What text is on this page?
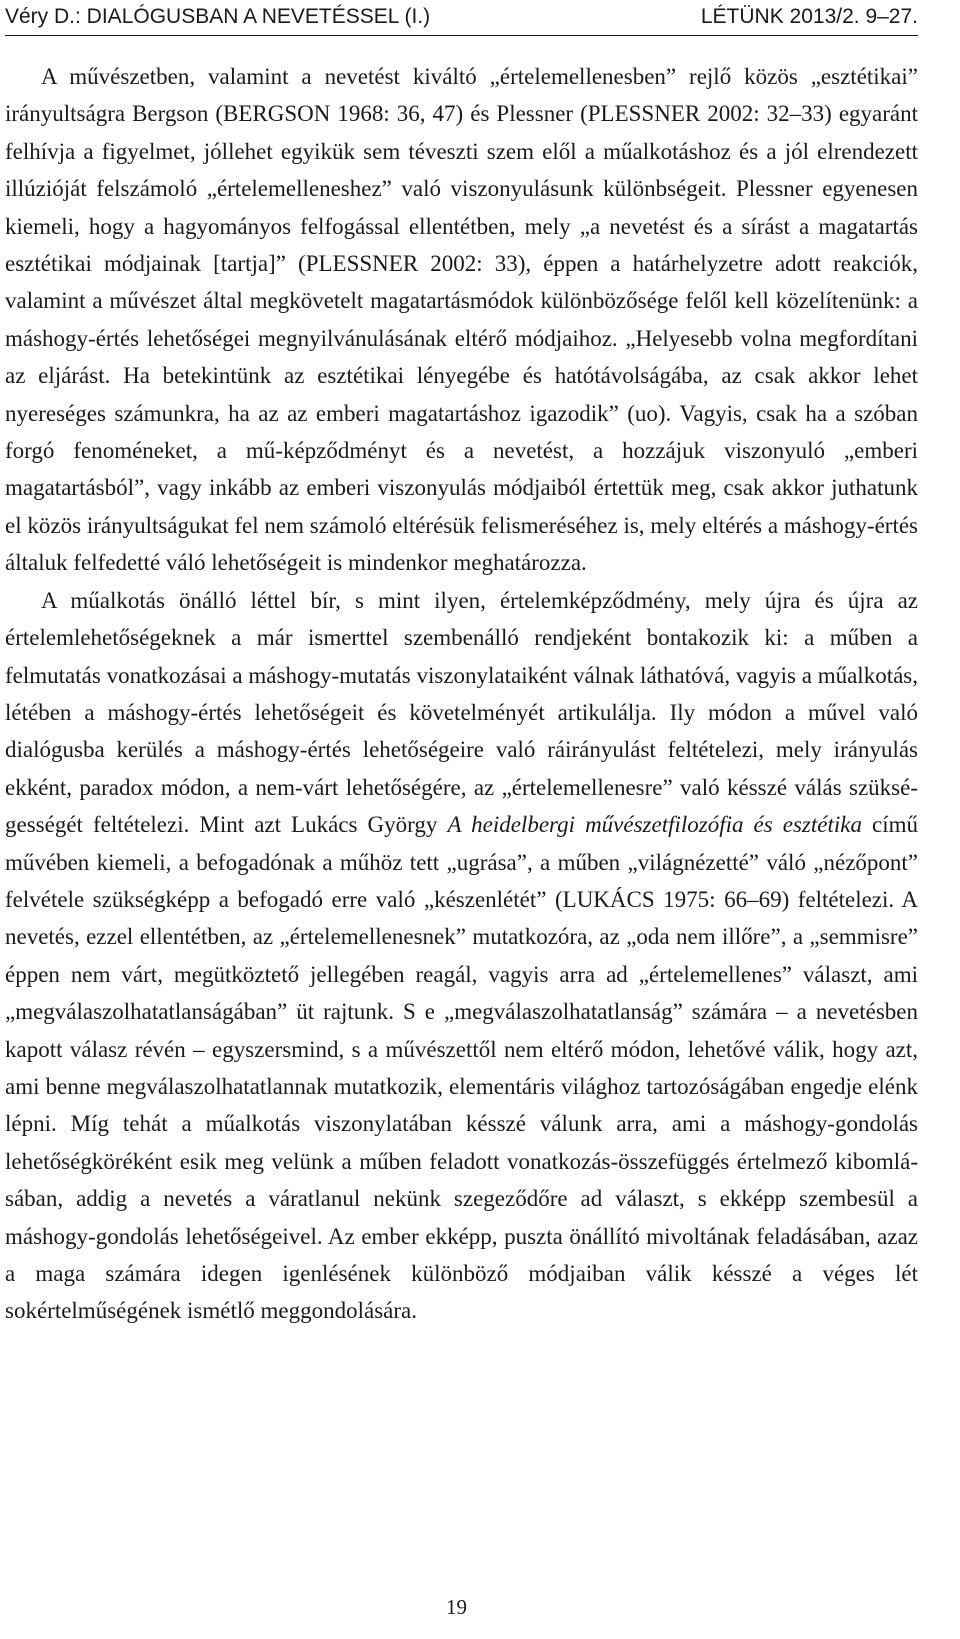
Véry D.: DIALÓGUSBAN A NEVETÉSSEL (I.)	LÉTÜNK 2013/2. 9–27.

A művészetben, valamint a nevetést kiváltó „értelemellenesben” rejlő közös „esztétikai” irányultságra Bergson (BERGSON 1968: 36, 47) és Plessner (PLESSNER 2002: 32–33) egyaránt felhívja a figyelmet, jóllehet egyikük sem téveszti szem elől a műalkotáshoz és a jól elrendezett illúzióját felszámoló „értelemelleneshez” való viszonyulásunk különbségeit. Plessner egyenesen kiemeli, hogy a hagyományos felfogással ellentétben, mely „a nevetést és a sírást a magatartás esztétikai módjainak [tartja]” (PLESSNER 2002: 33), éppen a határhelyzetre adott reakciók, valamint a művészet által megkövetelt magatartásmódok különbözősége felől kell közelítenünk: a máshogy-értés lehetőségei megnyilvánulásának eltérő módjaihoz. „Helyesebb volna megfordítani az eljárást. Ha betekintünk az esztétikai lényegébe és hatótávolságába, az csak akkor lehet nyereséges számunkra, ha az az emberi magatartáshoz igazodik” (uo). Vagyis, csak ha a szóban forgó fenoméneket, a mű-képződményt és a nevetést, a hozzájuk viszonyuló „emberi magatartásból”, vagy inkább az emberi viszonyulás módjaiból értettük meg, csak akkor juthatunk el közös irányultságukat fel nem számoló eltérésük felismeréséhez is, mely eltérés a máshogy-értés általuk felfedetté váló lehetőségeit is mindenkor meghatározza.

A műalkotás önálló léttel bír, s mint ilyen, értelemképződmény, mely újra és újra az értelemlehetőségeknek a már ismerttel szembenálló rendjeként bontakozik ki: a műben a felmutatás vonatkozásai a máshogy-mutatás viszonylataiként válnak láthatóvá, vagyis a műalkotás, létében a máshogy-értés lehetőségeit és követelményét artikulálja. Ily módon a művel való dialógusba kerülés a máshogy-értés lehetőségeire való ráirányulást feltételezi, mely irányulás ekként, paradox módon, a nem-várt lehetőségére, az „értelemellenesre” való késszé válás szükségességét feltételezi. Mint azt Lukács György A heidelbergi művészetfilozófia és esztétika című művében kiemeli, a befogadónak a műhöz tett „ugrása”, a műben „világnézetté” váló „nézőpont” felvétele szükségképp a befogadó erre való „készenlétét” (LUKÁCS 1975: 66–69) feltételezi. A nevetés, ezzel ellentétben, az „értelemellenesnek” mutatkozóra, az „oda nem illőre”, a „semmisre” éppen nem várt, megütköztető jellegében reagál, vagyis arra ad „értelemellenes” választ, ami „megválaszolhatatlanságában” üt rajtunk. S e „megválaszolhatatlanság” számára – a nevetésben kapott válasz révén – egyszersmind, s a művészettől nem eltérő módon, lehetővé válik, hogy azt, ami benne megválaszolhatatlannak mutatkozik, elementáris világhoz tartozóságában engedje elénk lépni. Míg tehát a műalkotás viszonylatában késszé válunk arra, ami a máshogy-gondolás lehetőségköréként esik meg velünk a műben feladott vonatkozás-összefüggés értelmező kibomlásában, addig a nevetés a váratlanul nekünk szegeződőre ad választ, s ekképp szembesül a máshogy-gondolás lehetőségeivel. Az ember ekképp, puszta önállító mivoltának feladásában, azaz a maga számára idegen igenlésének különböző módjaiban válik késszé a véges lét sokértelműségének ismétlő meggondolására.

19
